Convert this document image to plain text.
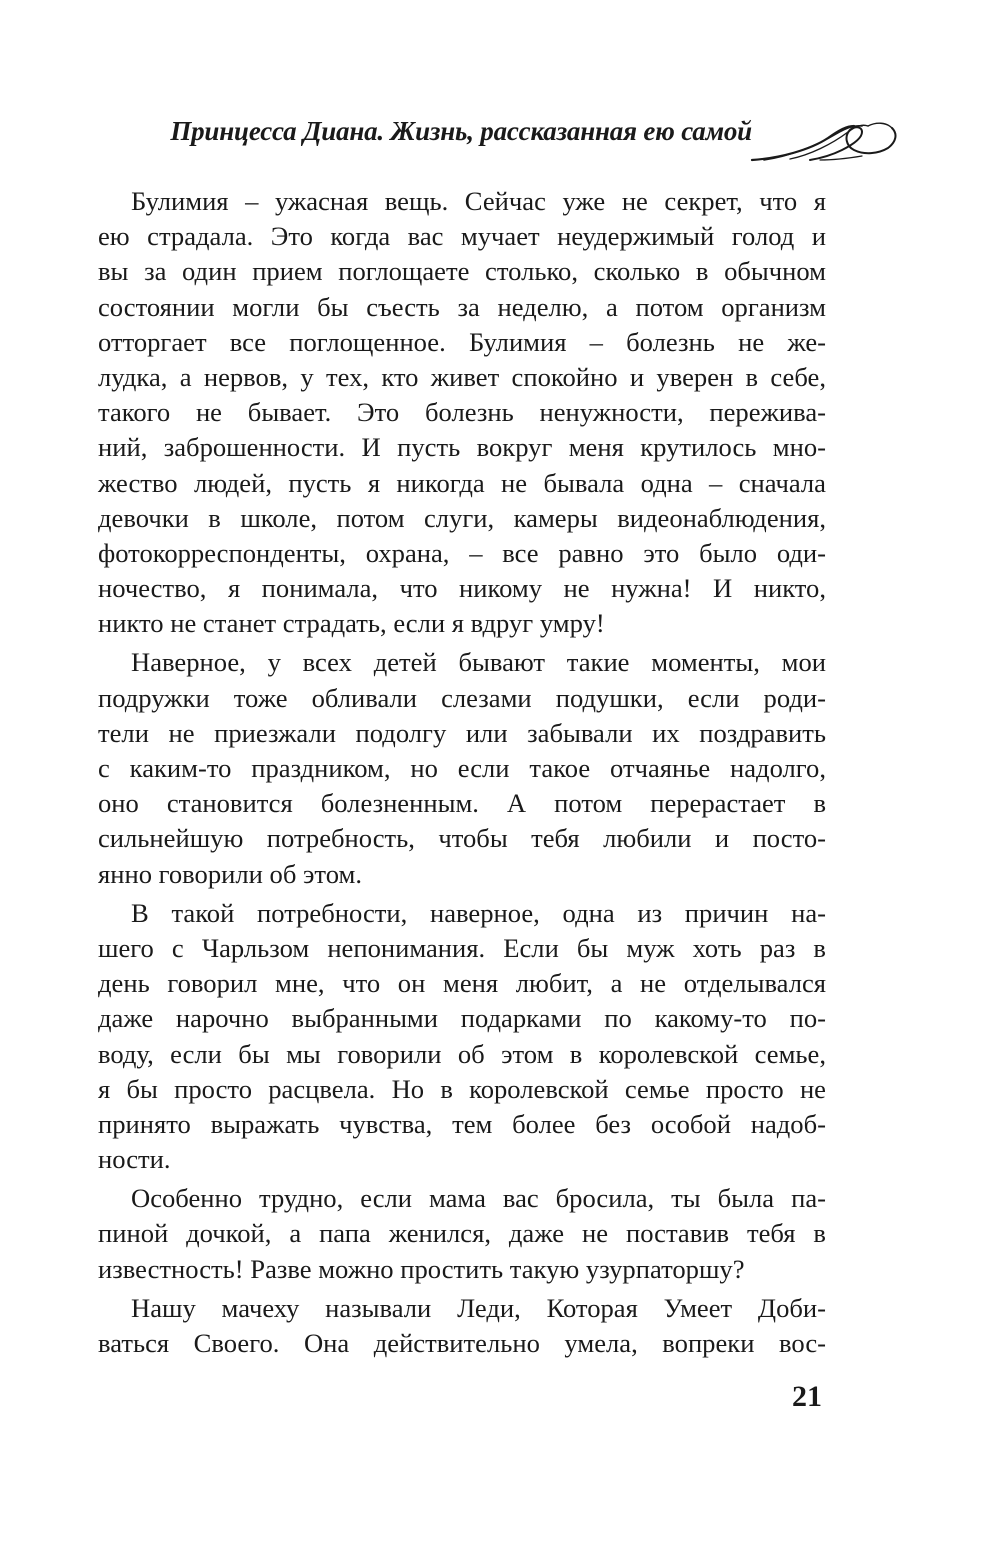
Принцесса Диана. Жизнь, рассказанная ею самой
Булимия – ужасная вещь. Сейчас уже не секрет, что я
ею страдала. Это когда вас мучает неудержимый голод и
вы за один прием поглощаете столько, сколько в обычном
состоянии могли бы съесть за неделю, а потом организм
отторгает все поглощенное. Булимия – болезнь не же-
лудка, а нервов, у тех, кто живет спокойно и уверен в себе,
такого не бывает. Это болезнь ненужности, пережива-
ний, заброшенности. И пусть вокруг меня крутилось мно-
жество людей, пусть я никогда не бывала одна – сначала
девочки в школе, потом слуги, камеры видеонаблюдения,
фотокорреспонденты, охрана, – все равно это было оди-
ночество, я понимала, что никому не нужна! И никто,
никто не станет страдать, если я вдруг умру!
Наверное, у всех детей бывают такие моменты, мои
подружки тоже обливали слезами подушки, если роди-
тели не приезжали подолгу или забывали их поздравить
с каким-то праздником, но если такое отчаянье надолго,
оно становится болезненным. А потом перерастает в
сильнейшую потребность, чтобы тебя любили и посто-
янно говорили об этом.
В такой потребности, наверное, одна из причин на-
шего с Чарльзом непонимания. Если бы муж хоть раз в
день говорил мне, что он меня любит, а не отделывался
даже нарочно выбранными подарками по какому-то по-
воду, если бы мы говорили об этом в королевской семье,
я бы просто расцвела. Но в королевской семье просто не
принято выражать чувства, тем более без особой надоб-
ности.
Особенно трудно, если мама вас бросила, ты была па-
пиной дочкой, а папа женился, даже не поставив тебя в
известность! Разве можно простить такую узурпаторшу?
Нашу мачеху называли Леди, Которая Умеет Доби-
ваться Своего. Она действительно умела, вопреки вос-
21
